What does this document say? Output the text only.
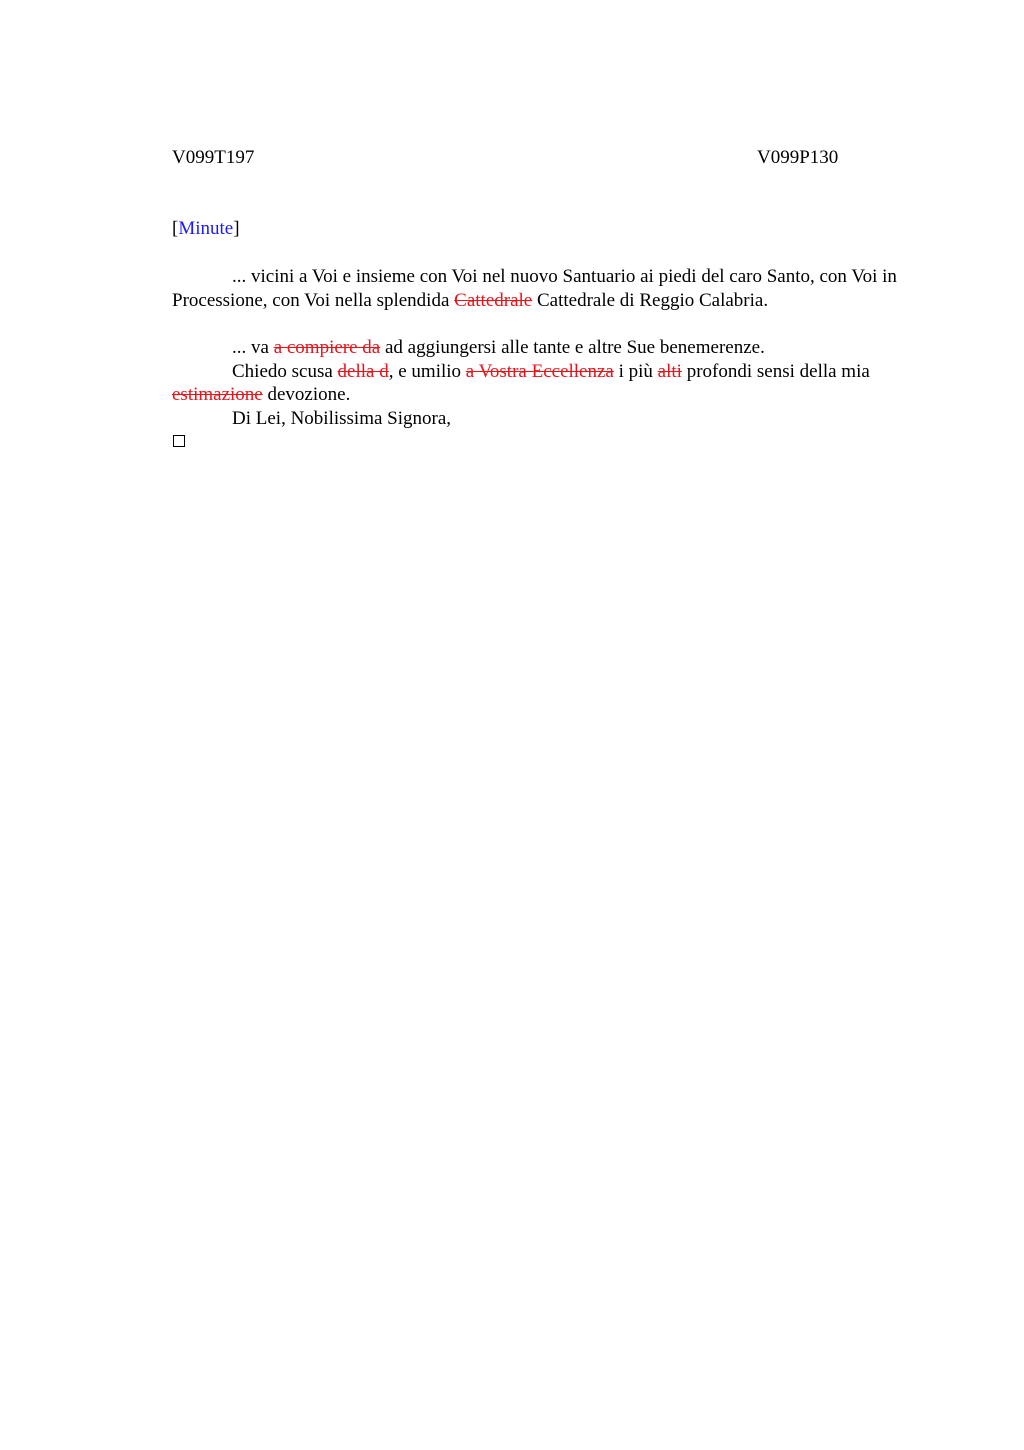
V099T197	V099P130
[Minute]

... vicini a Voi e insieme con Voi nel nuovo Santuario ai piedi del caro Santo, con Voi in Processione, con Voi nella splendida Cattedrale Cattedrale di Reggio Calabria.

... va a compiere da ad aggiungersi alle tante e altre Sue benemerenze.
Chiedo scusa della d, e umilio a Vostra Eccellenza i più alti profondi sensi della mia estimazione devozione.
Di Lei, Nobilissima Signora,
